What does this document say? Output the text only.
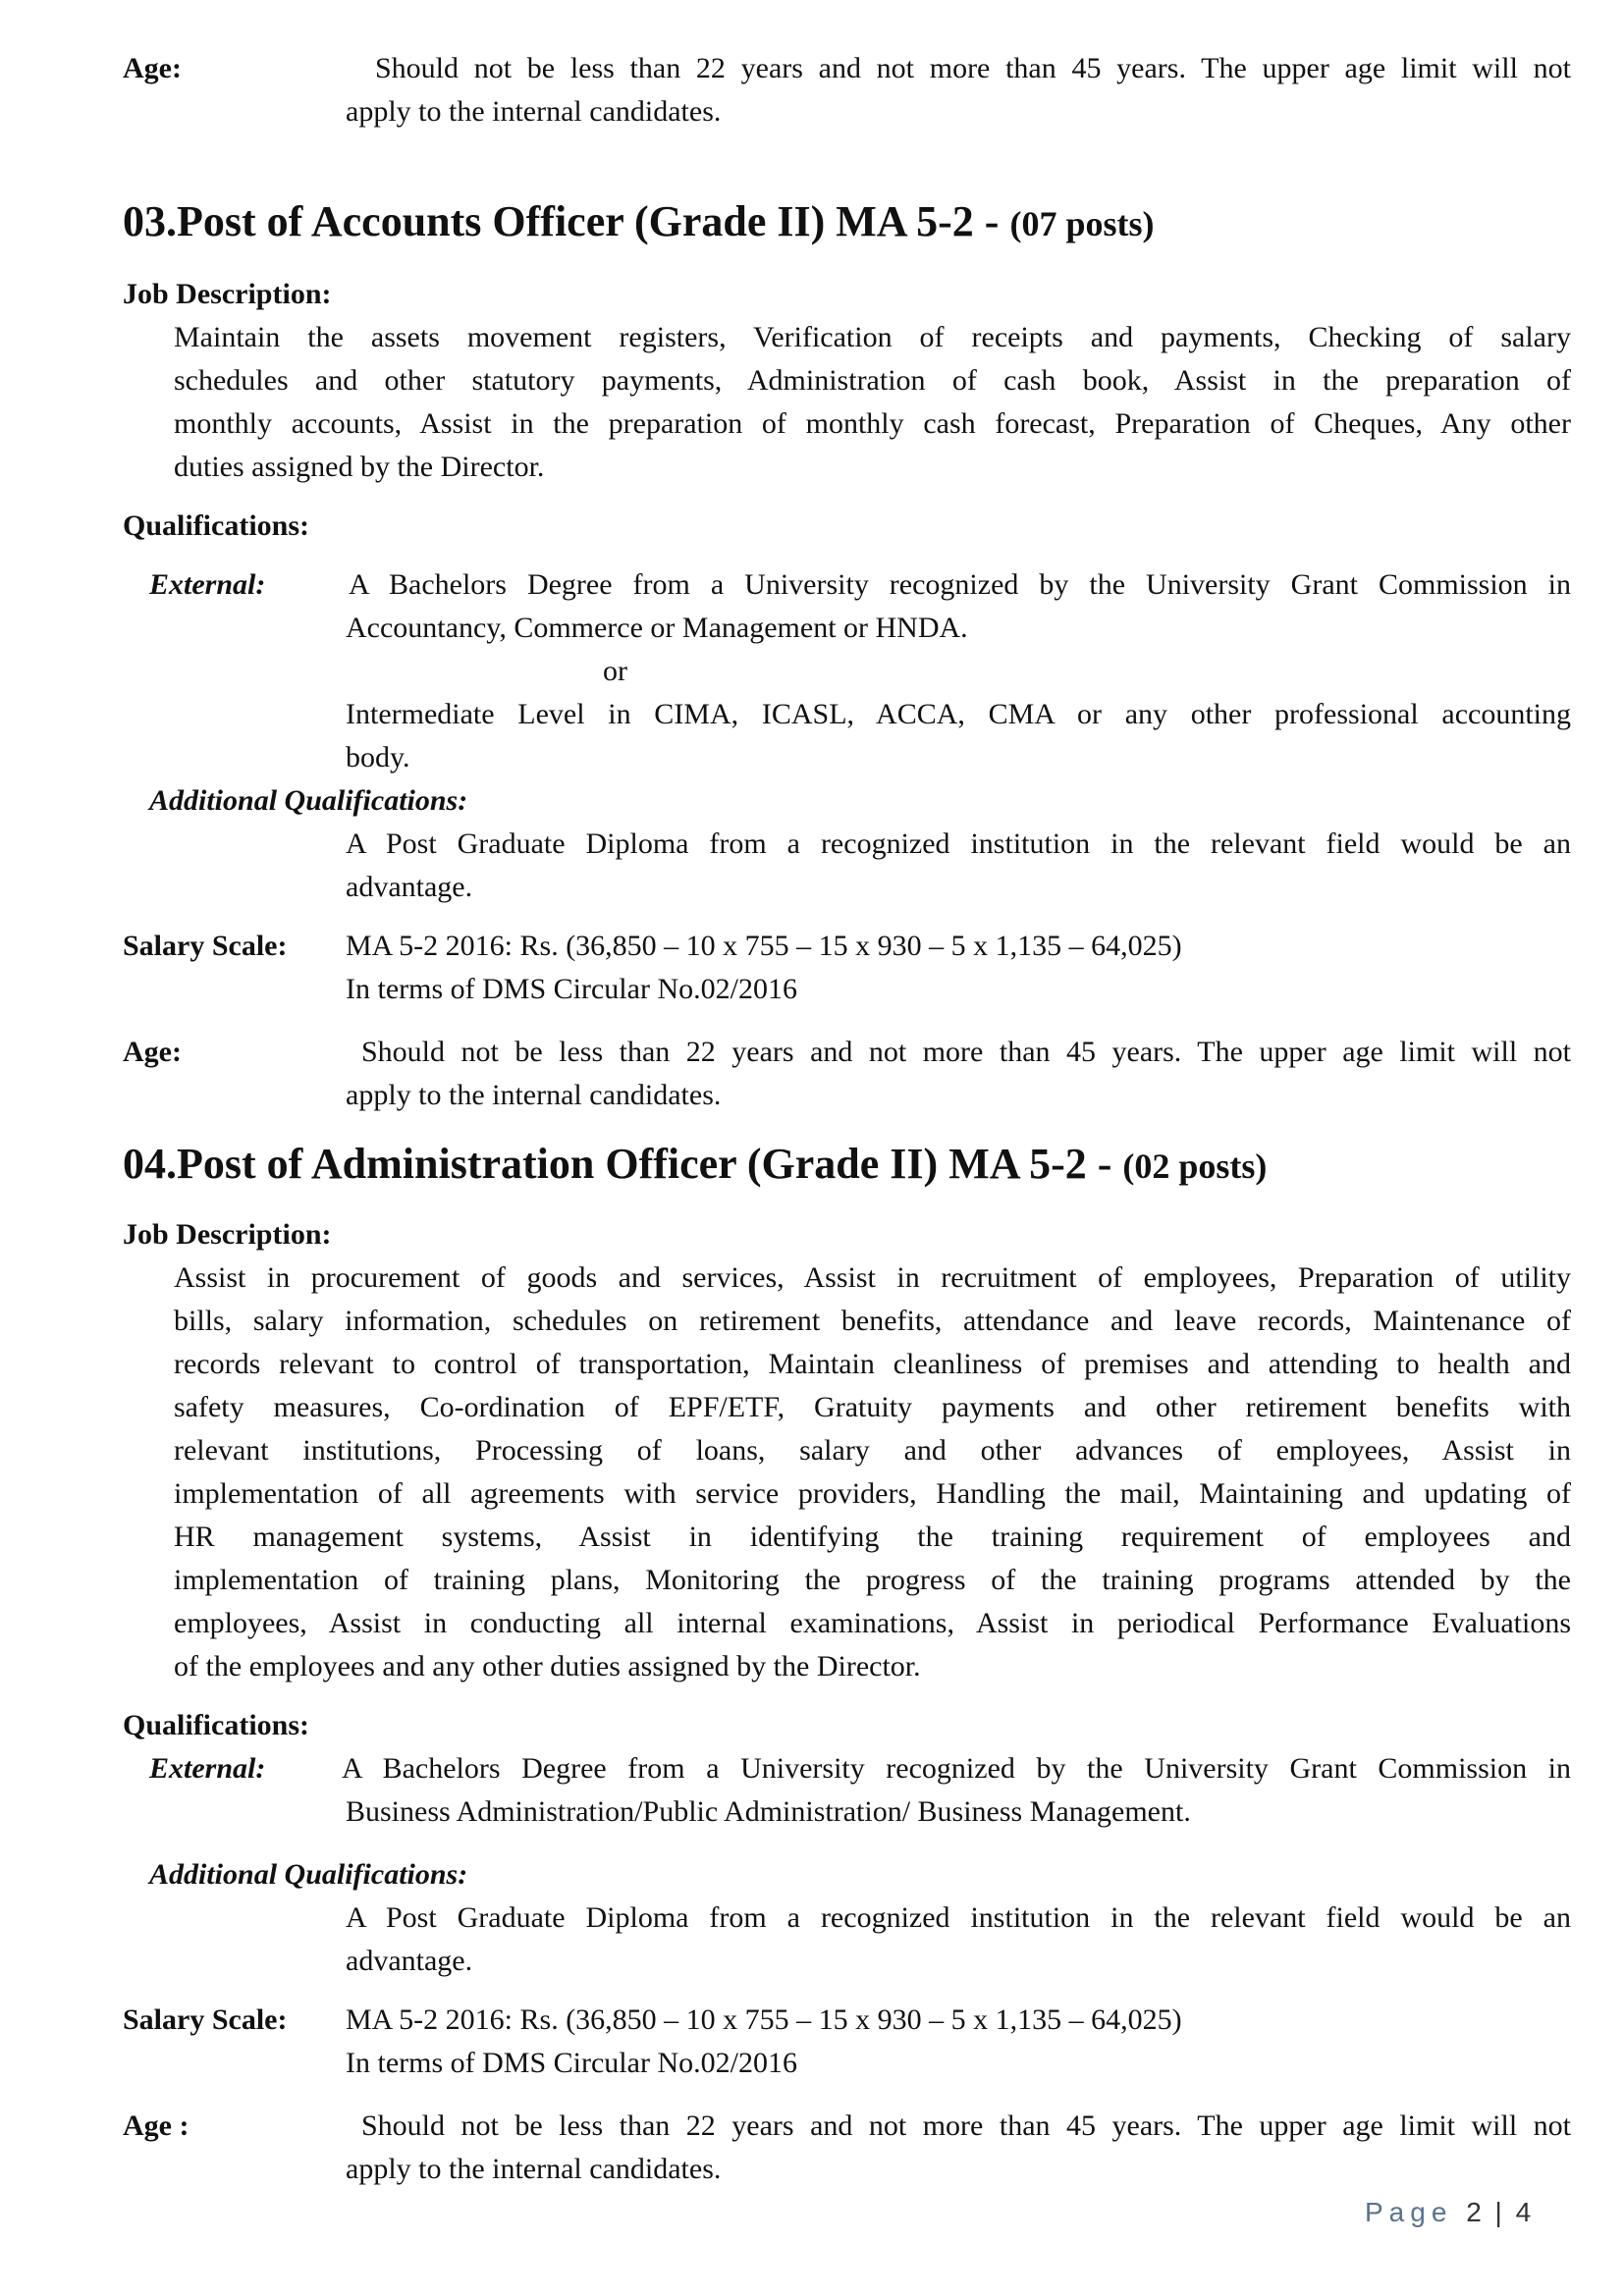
Age:	Should not be less than 22 years and not more than 45 years. The upper age limit will not
apply to the internal candidates.
03.Post of Accounts Officer (Grade II) MA 5-2 - (07 posts)
Job Description:
Maintain the assets movement registers, Verification of receipts and payments, Checking of salary
schedules and other statutory payments, Administration of cash book, Assist in the preparation of
monthly accounts, Assist in the preparation of monthly cash forecast, Preparation of Cheques, Any other
duties assigned by the Director.
Qualifications:
External:	A Bachelors Degree from a University recognized by the University Grant Commission in
Accountancy, Commerce or Management or HNDA.
or
Intermediate Level in CIMA, ICASL, ACCA, CMA or any other professional accounting
body.
Additional Qualifications:
A Post Graduate Diploma from a recognized institution in the relevant field would be an
advantage.
Salary Scale: MA 5-2 2016: Rs. (36,850 – 10 x 755 – 15 x 930 – 5 x 1,135 – 64,025)
In terms of DMS Circular No.02/2016
Age:	Should not be less than 22 years and not more than 45 years. The upper age limit will not
apply to the internal candidates.
04.Post of Administration Officer (Grade II) MA 5-2 - (02 posts)
Job Description:
Assist in procurement of goods and services, Assist in recruitment of employees, Preparation of utility
bills, salary information, schedules on retirement benefits, attendance and leave records, Maintenance of
records relevant to control of transportation, Maintain cleanliness of premises and attending to health and
safety measures, Co-ordination of EPF/ETF, Gratuity payments and other retirement benefits with
relevant institutions, Processing of loans, salary and other advances of employees, Assist in
implementation of all agreements with service providers, Handling the mail, Maintaining and updating of
HR management systems, Assist in identifying the training requirement of employees and
implementation of training plans, Monitoring the progress of the training programs attended by the
employees, Assist in conducting all internal examinations, Assist in periodical Performance Evaluations
of the employees and any other duties assigned by the Director.
Qualifications:
External:	A Bachelors Degree from a University recognized by the University Grant Commission in
Business Administration/Public Administration/ Business Management.
Additional Qualifications:
A Post Graduate Diploma from a recognized institution in the relevant field would be an
advantage.
Salary Scale: MA 5-2 2016: Rs. (36,850 – 10 x 755 – 15 x 930 – 5 x 1,135 – 64,025)
In terms of DMS Circular No.02/2016
Age :	Should not be less than 22 years and not more than 45 years. The upper age limit will not
apply to the internal candidates.
Page 2 | 4
